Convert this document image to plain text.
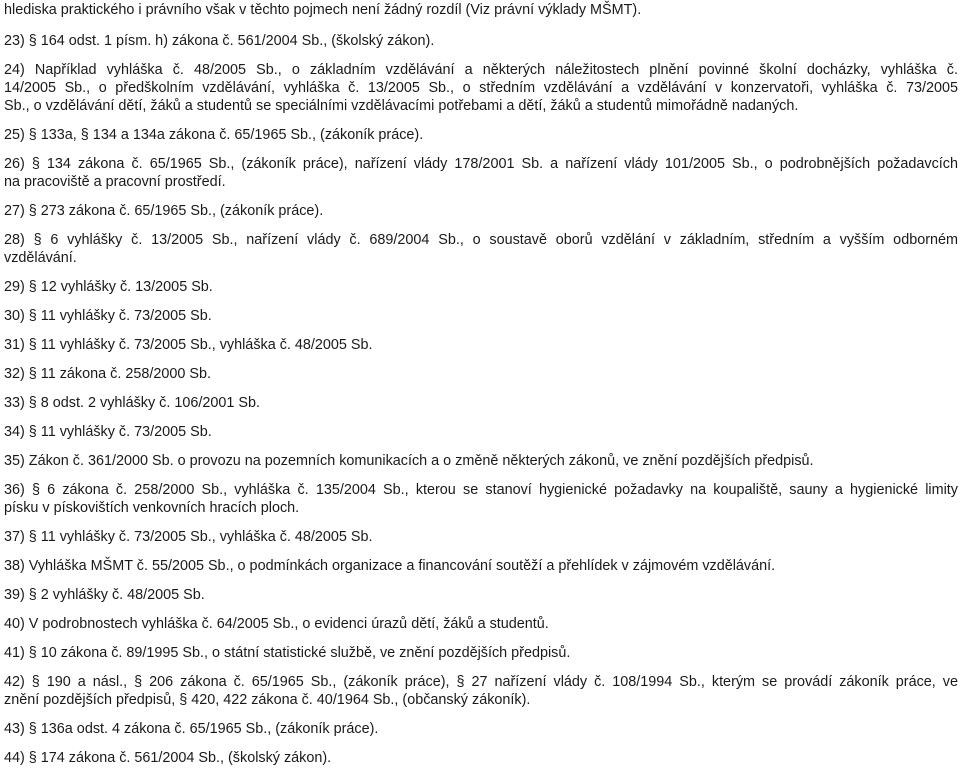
hlediska praktického i právního však v těchto pojmech není žádný rozdíl (Viz právní výklady MŠMT).
23) § 164 odst. 1 písm. h) zákona č. 561/2004 Sb., (školský zákon).
24) Například vyhláška č. 48/2005 Sb., o základním vzdělávání a některých náležitostech plnění povinné školní docházky, vyhláška č.
14/2005 Sb., o předškolním vzdělávání, vyhláška č. 13/2005 Sb., o středním vzdělávání a vzdělávání v konzervatoři, vyhláška č. 73/2005
Sb., o vzdělávání dětí, žáků a studentů se speciálními vzdělávacími potřebami a dětí, žáků a studentů mimořádně nadaných.
25) § 133a, § 134 a 134a zákona č. 65/1965 Sb., (zákoník práce).
26) § 134 zákona č. 65/1965 Sb., (zákoník práce), nařízení vlády 178/2001 Sb. a nařízení vlády 101/2005 Sb., o podrobnějších požadavcích
na pracoviště a pracovní prostředí.
27) § 273 zákona č. 65/1965 Sb., (zákoník práce).
28) § 6 vyhlášky č. 13/2005 Sb., nařízení vlády č. 689/2004 Sb., o soustavě oborů vzdělání v základním, středním a vyšším odborném
vzdělávání.
29) § 12 vyhlášky č. 13/2005 Sb.
30) § 11 vyhlášky č. 73/2005 Sb.
31) § 11 vyhlášky č. 73/2005 Sb., vyhláška č. 48/2005 Sb.
32) § 11 zákona č. 258/2000 Sb.
33) § 8 odst. 2 vyhlášky č. 106/2001 Sb.
34) § 11 vyhlášky č. 73/2005 Sb.
35) Zákon č. 361/2000 Sb. o provozu na pozemních komunikacích a o změně některých zákonů, ve znění pozdějších předpisů.
36) § 6 zákona č. 258/2000 Sb., vyhláška č. 135/2004 Sb., kterou se stanoví hygienické požadavky na koupaliště, sauny a hygienické limity
písku v pískovištích venkovních hracích ploch.
37) § 11 vyhlášky č. 73/2005 Sb., vyhláška č. 48/2005 Sb.
38) Vyhláška MŠMT č. 55/2005 Sb., o podmínkách organizace a financování soutěží a přehlídek v zájmovém vzdělávání.
39) § 2 vyhlášky č. 48/2005 Sb.
40) V podrobnostech vyhláška č. 64/2005 Sb., o evidenci úrazů dětí, žáků a studentů.
41) § 10 zákona č. 89/1995 Sb., o státní statistické službě, ve znění pozdějších předpisů.
42) § 190 a násl., § 206 zákona č. 65/1965 Sb., (zákoník práce), § 27 nařízení vlády č. 108/1994 Sb., kterým se provádí zákoník práce, ve
znění pozdějších předpisů, § 420, 422 zákona č. 40/1964 Sb., (občanský zákoník).
43) § 136a odst. 4 zákona č. 65/1965 Sb., (zákoník práce).
44) § 174 zákona č. 561/2004 Sb., (školský zákon).
